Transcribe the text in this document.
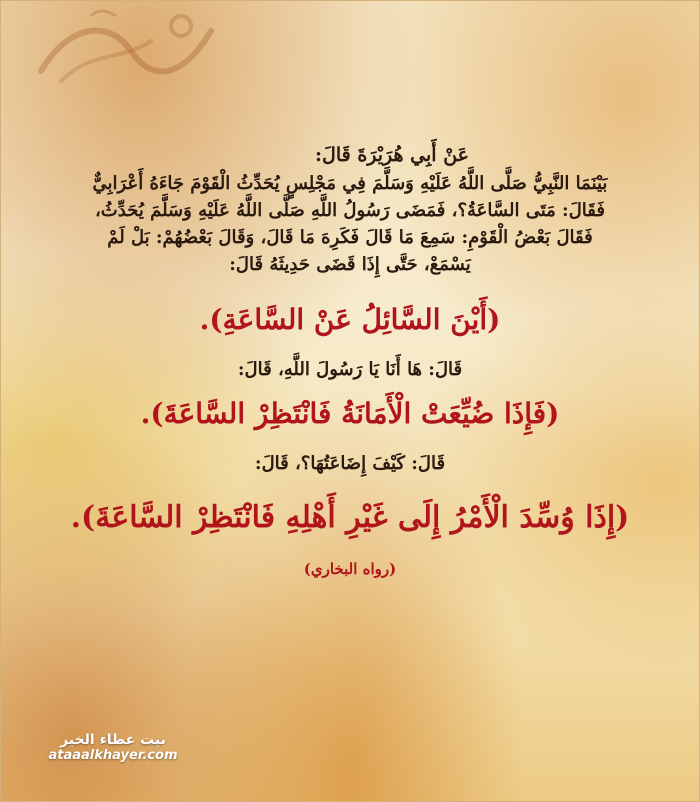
عَنْ أَبِي هُرَيْرَةَ قَالَ:

بَيْنَمَا النَّبِيُّ صَلَّى اللَّهُ عَلَيْهِ وَسَلَّمَ فِي مَجْلِسٍ يُحَدِّثُ الْقَوْمَ جَاءَهُ أَعْرَابِيٌّ

فَقَالَ: مَتَى السَّاعَةُ؟، فَمَضَى رَسُولُ اللَّهِ صَلَّى اللَّهُ عَلَيْهِ وَسَلَّمَ يُحَدِّثُ،

فَقَالَ بَعْضُ الْقَوْمِ: سَمِعَ مَا قَالَ فَكَرِهَ مَا قَالَ، وَقَالَ بَعْضُهُمْ: بَلْ لَمْ

يَسْمَعْ، حَتَّى إِذَا قَضَى حَدِيثَهُ قَالَ:

(أَيْنَ السَّائِلُ عَنْ السَّاعَةِ).

قَالَ: هَا أَنَا يَا رَسُولَ اللَّهِ، قَالَ:

(فَإِذَا ضُيِّعَتْ الْأَمَانَةُ فَانْتَظِرْ السَّاعَةَ).

قَالَ: كَيْفَ إِضَاعَتُهَا؟، قَالَ:

(إِذَا وُسِّدَ الْأَمْرُ إِلَى غَيْرِ أَهْلِهِ فَانْتَظِرْ السَّاعَةَ).

(رواه البخاري)

بيت عطاء الخير
ataaalkhayer.com
